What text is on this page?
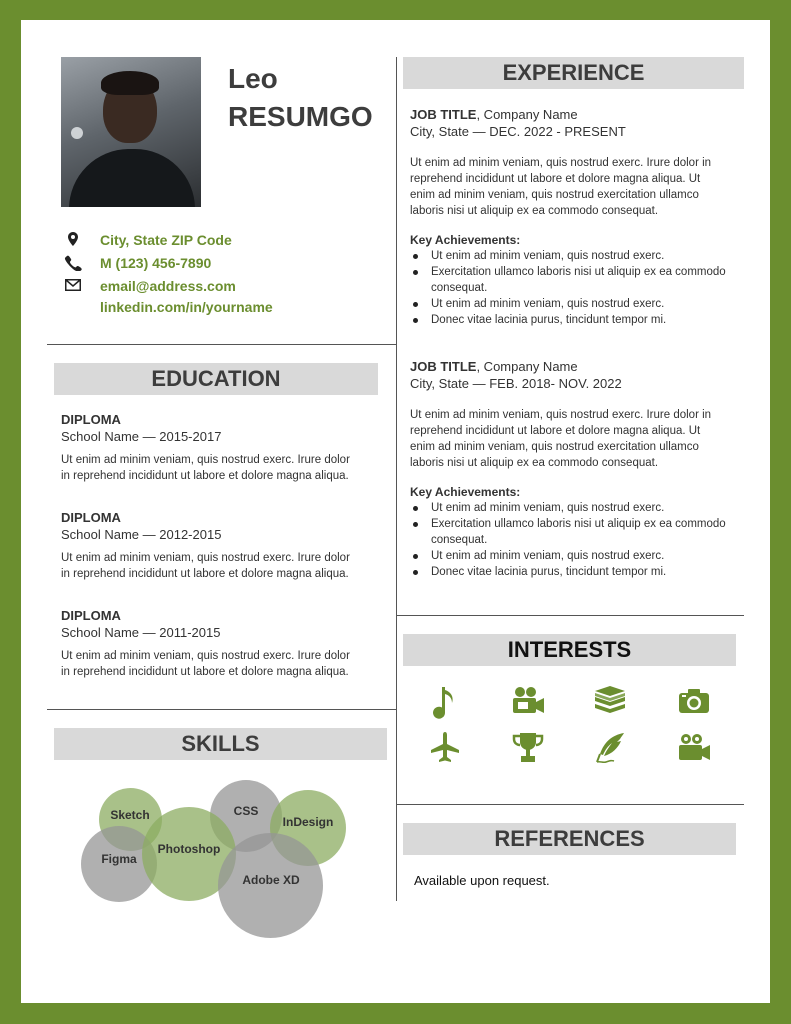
Leo
RESUMGO
City, State ZIP Code
M (123) 456-7890
email@address.com
linkedin.com/in/yourname
EDUCATION
DIPLOMA
School Name — 2015-2017
Ut enim ad minim veniam, quis nostrud exerc. Irure dolor
in reprehend incididunt ut labore et dolore magna aliqua.
DIPLOMA
School Name — 2012-2015
Ut enim ad minim veniam, quis nostrud exerc. Irure dolor
in reprehend incididunt ut labore et dolore magna aliqua.
DIPLOMA
School Name — 2011-2015
Ut enim ad minim veniam, quis nostrud exerc. Irure dolor
in reprehend incididunt ut labore et dolore magna aliqua.
SKILLS
Sketch	CSS
InDesign
Photoshop
Figma
Adobe XD
EXPERIENCE
JOB TITLE, Company Name
City, State — DEC. 2022 - PRESENT
Ut enim ad minim veniam, quis nostrud exerc. Irure dolor in
reprehend incididunt ut labore et dolore magna aliqua. Ut
enim ad minim veniam, quis nostrud exercitation ullamco
laboris nisi ut aliquip ex ea commodo consequat.
Key Achievements:
Ut enim ad minim veniam, quis nostrud exerc.
Exercitation ullamco laboris nisi ut aliquip ex ea commodo consequat.
Ut enim ad minim veniam, quis nostrud exerc.
Donec vitae lacinia purus, tincidunt tempor mi.
JOB TITLE, Company Name
City, State — FEB. 2018- NOV. 2022
Ut enim ad minim veniam, quis nostrud exerc. Irure dolor in
reprehend incididunt ut labore et dolore magna aliqua. Ut
enim ad minim veniam, quis nostrud exercitation ullamco
laboris nisi ut aliquip ex ea commodo consequat.
Key Achievements:
Ut enim ad minim veniam, quis nostrud exerc.
Exercitation ullamco laboris nisi ut aliquip ex ea commodo consequat.
Ut enim ad minim veniam, quis nostrud exerc.
Donec vitae lacinia purus, tincidunt tempor mi.
INTERESTS
REFERENCES
Available upon request.
